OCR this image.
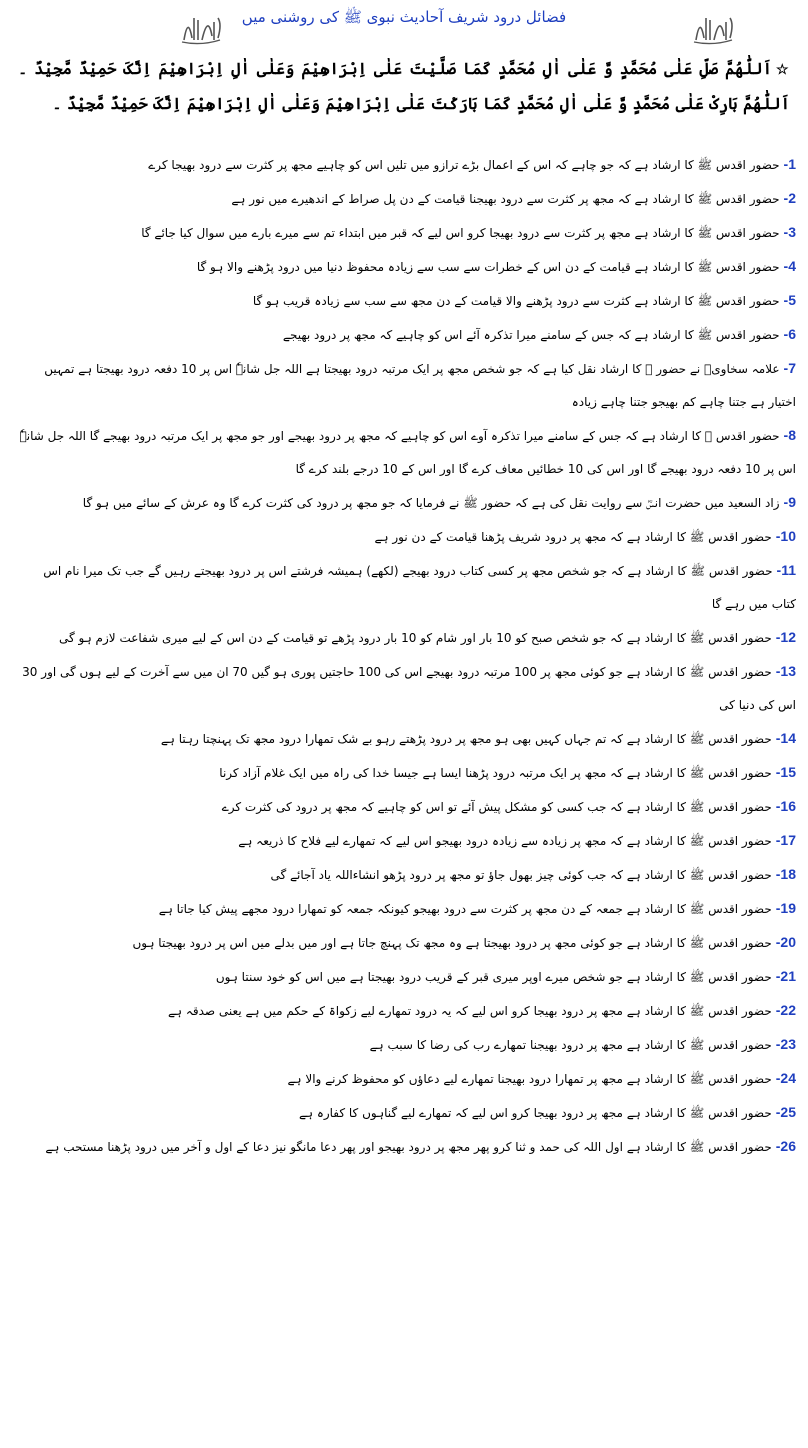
فضائل درود شریف آحادیث نبوی ﷺ کی روشنی میں
☆اَللّٰھُمَّ صَلِّ عَلٰی مُحَمَّدٍ وَّ عَلٰی اٰلِ مُحَمَّدٍ کَمَا صَلَّیْتَ عَلٰی اِبْرَاھِیْمَ وَعَلٰی اٰلِ اِبْرَاھِیْمَ اِنَّکَ حَمِیْدٌ مَّجِیْدٌ ۔ اَللّٰھُمَّ بَارِکْ عَلٰی مُحَمَّدٍ وَّ عَلٰی اٰلِ مُحَمَّدٍ کَمَا بَارَکْتَ عَلٰی اِبْرَاھِیْمَ وَعَلٰی اٰلِ اِبْرَاھِیْمَ اِنَّکَ حَمِیْدٌ مَّجِیْدٌ ۔
1-حضور اقدس ﷺ کا ارشاد ہے کہ جو چاہے کہ اس کے اعمال بڑے ترازو میں تلیں اس کو چاہیے مجھ پر کثرت سے درود بھیجا کرے
2-حضور اقدس ﷺ کا ارشاد ہے کہ مجھ پر کثرت سے درود بھیجنا قیامت کے دن پل صراط کے اندھیرے میں نور ہے
3-حضور اقدس ﷺ کا ارشاد ہے مجھ پر کثرت سے درود بھیجا کرو اس لیے کہ قبر میں ابتداء تم سے میرے بارے میں سوال کیا جائے گا
4-حضور اقدس ﷺ کا ارشاد ہے قیامت کے دن اس کے خطرات سے سب سے زیادہ محفوظ دنیا میں درود پڑھنے والا ہو گا
5-حضور اقدس ﷺ کا ارشاد ہے کثرت سے درود پڑھنے والا قیامت کے دن مجھ سے سب سے زیادہ قریب ہو گا
6-حضور اقدس ﷺ کا ارشاد ہے کہ جس کے سامنے میرا تذکرہ آئے اس کو چاہیے کہ مجھ پر درود بھیجے
7-علامہ سخاویؒ نے حضور ﷺ کا ارشاد نقل کیا ہے کہ جو شخص مجھ پر ایک مرتبہ درود بھیجتا ہے اللہ جل شانہٗ اس پر 10 دفعہ درود بھیجتا ہے تمہیں اختیار ہے جتنا چاہے کم بھیجو جتنا چاہے زیادہ
8-حضور اقدس ﷺ کا ارشاد ہے کہ جس کے سامنے میرا تذکرہ آوے اس کو چاہیے کہ مجھ پر درود بھیجے اور جو مجھ پر ایک مرتبہ درود بھیجے گا اللہ جل شانہٗ اس پر 10 دفعہ درود بھیجے گا اور اس کی 10 خطائیں معاف کرے گا اور اس کے 10 درجے بلند کرے گا
9-زاد السعید میں حضرت انسؓ سے روایت نقل کی ہے کہ حضور ﷺ نے فرمایا کہ جو مجھ پر درود کی کثرت کرے گا وہ عرش کے سائے میں ہو گا
10-حضور اقدس ﷺ کا ارشاد ہے کہ مجھ پر درود شریف پڑھنا قیامت کے دن نور ہے
11-حضور اقدس ﷺ کا ارشاد ہے کہ جو شخص مجھ پر کسی کتاب درود بھیجے (لکھے) ہمیشہ فرشتے اس پر درود بھیجتے رہیں گے جب تک میرا نام اس کتاب میں رہے گا
12-حضور اقدس ﷺ کا ارشاد ہے کہ جو شخص صبح کو 10 بار اور شام کو 10 بار درود پڑھے تو قیامت کے دن اس کے لیے میری شفاعت لازم ہو گی
13-حضور اقدس ﷺ کا ارشاد ہے جو کوئی مجھ پر 100 مرتبہ درود بھیجے اس کی 100 حاجتیں پوری ہو گیں 70 ان میں سے آخرت کے لیے ہوں گی اور 30 اس کی دنیا کی
14-حضور اقدس ﷺ کا ارشاد ہے کہ تم جہاں کہیں بھی ہو مجھ پر درود پڑھتے رہو بے شک تمھارا درود مجھ تک پہنچتا رہتا ہے
15-حضور اقدس ﷺ کا ارشاد ہے کہ مجھ پر ایک مرتبہ درود پڑھنا ایسا ہے جیسا خدا کی راہ میں ایک غلام آزاد کرنا
16-حضور اقدس ﷺ کا ارشاد ہے کہ جب کسی کو مشکل پیش آئے تو اس کو چاہیے کہ مجھ پر درود کی کثرت کرے
17-حضور اقدس ﷺ کا ارشاد ہے کہ مجھ پر زیادہ سے زیادہ درود بھیجو اس لیے کہ تمھارے لیے فلاح کا ذریعہ ہے
18-حضور اقدس ﷺ کا ارشاد ہے کہ جب کوئی چیز بھول جاؤ تو مجھ پر درود پڑھو انشاءاللہ یاد آجائے گی
19-حضور اقدس ﷺ کا ارشاد ہے جمعہ کے دن مجھ پر کثرت سے درود بھیجو کیونکہ جمعہ کو تمھارا درود مجھے پیش کیا جاتا ہے
20-حضور اقدس ﷺ کا ارشاد ہے جو کوئی مجھ پر درود بھیجتا ہے وہ مجھ تک پہنچ جاتا ہے اور میں بدلے میں اس پر درود بھیجتا ہوں
21-حضور اقدس ﷺ کا ارشاد ہے جو شخص میرے اوپر میری قبر کے قریب درود بھیجتا ہے میں اس کو خود سنتا ہوں
22-حضور اقدس ﷺ کا ارشاد ہے مجھ پر درود بھیجا کرو اس لیے کہ یہ درود تمھارے لیے زکواۃ کے حکم میں ہے یعنی صدقہ ہے
23-حضور اقدس ﷺ کا ارشاد ہے مجھ پر درود بھیجنا تمھارے رب کی رضا کا سبب ہے
24-حضور اقدس ﷺ کا ارشاد ہے مجھ پر تمھارا درود بھیجنا تمھارے لیے دعاؤں کو محفوظ کرنے والا ہے
25-حضور اقدس ﷺ کا ارشاد ہے مجھ پر درود بھیجا کرو اس لیے کہ تمھارے لیے گناہوں کا کفارہ ہے
26-حضور اقدس ﷺ کا ارشاد ہے اول اللہ کی حمد و ثنا کرو پھر مجھ پر درود بھیجو اور پھر دعا مانگو نیز دعا کے اول و آخر میں درود پڑھنا مستحب ہے
